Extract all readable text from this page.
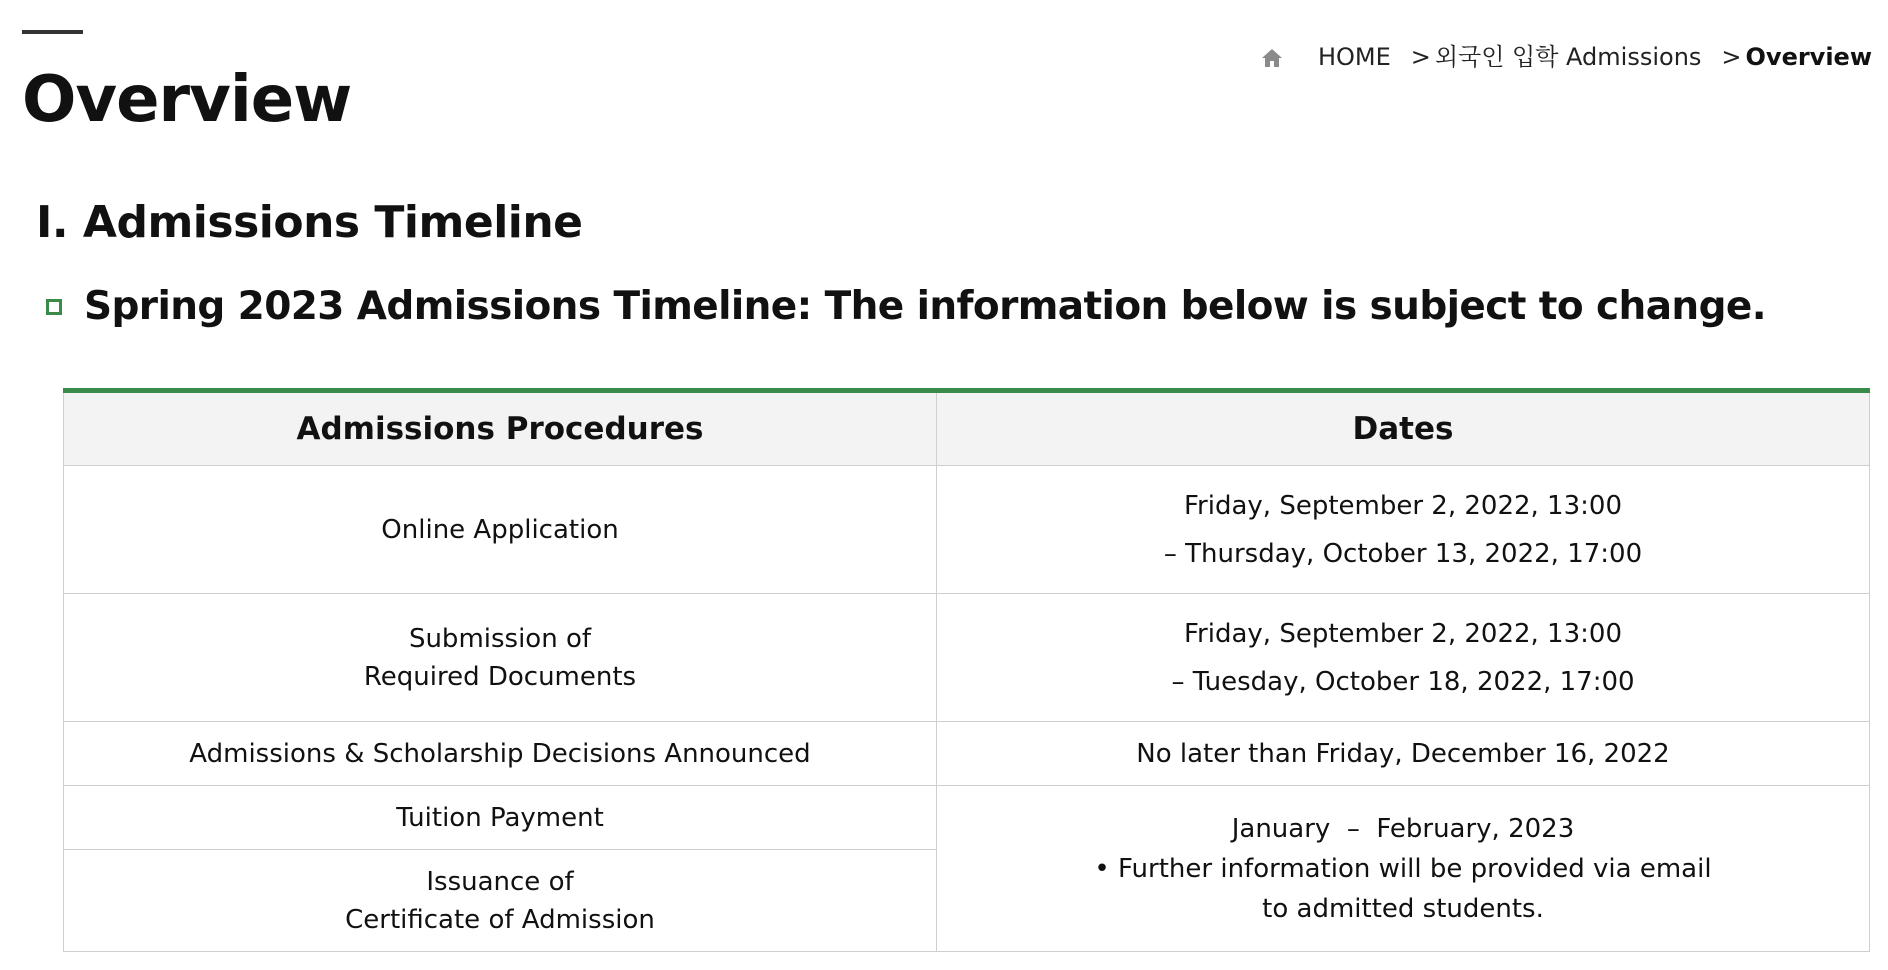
Overview
HOME > 외국인 입학 Admissions > Overview
Ⅰ. Admissions Timeline
Spring 2023 Admissions Timeline: The information below is subject to change.
Admissions Procedures	Dates

Online Application	Friday, September 2, 2022, 13:00
– Thursday, October 13, 2022, 17:00

Submission of
Required Documents	Friday, September 2, 2022, 13:00
– Tuesday, October 18, 2022, 17:00

Admissions & Scholarship Decisions Announced	No later than Friday, December 16, 2022

Tuition Payment	January  –  February, 2023
• Further information will be provided via email
to admitted students.

Issuance of
Certificate of Admission	
